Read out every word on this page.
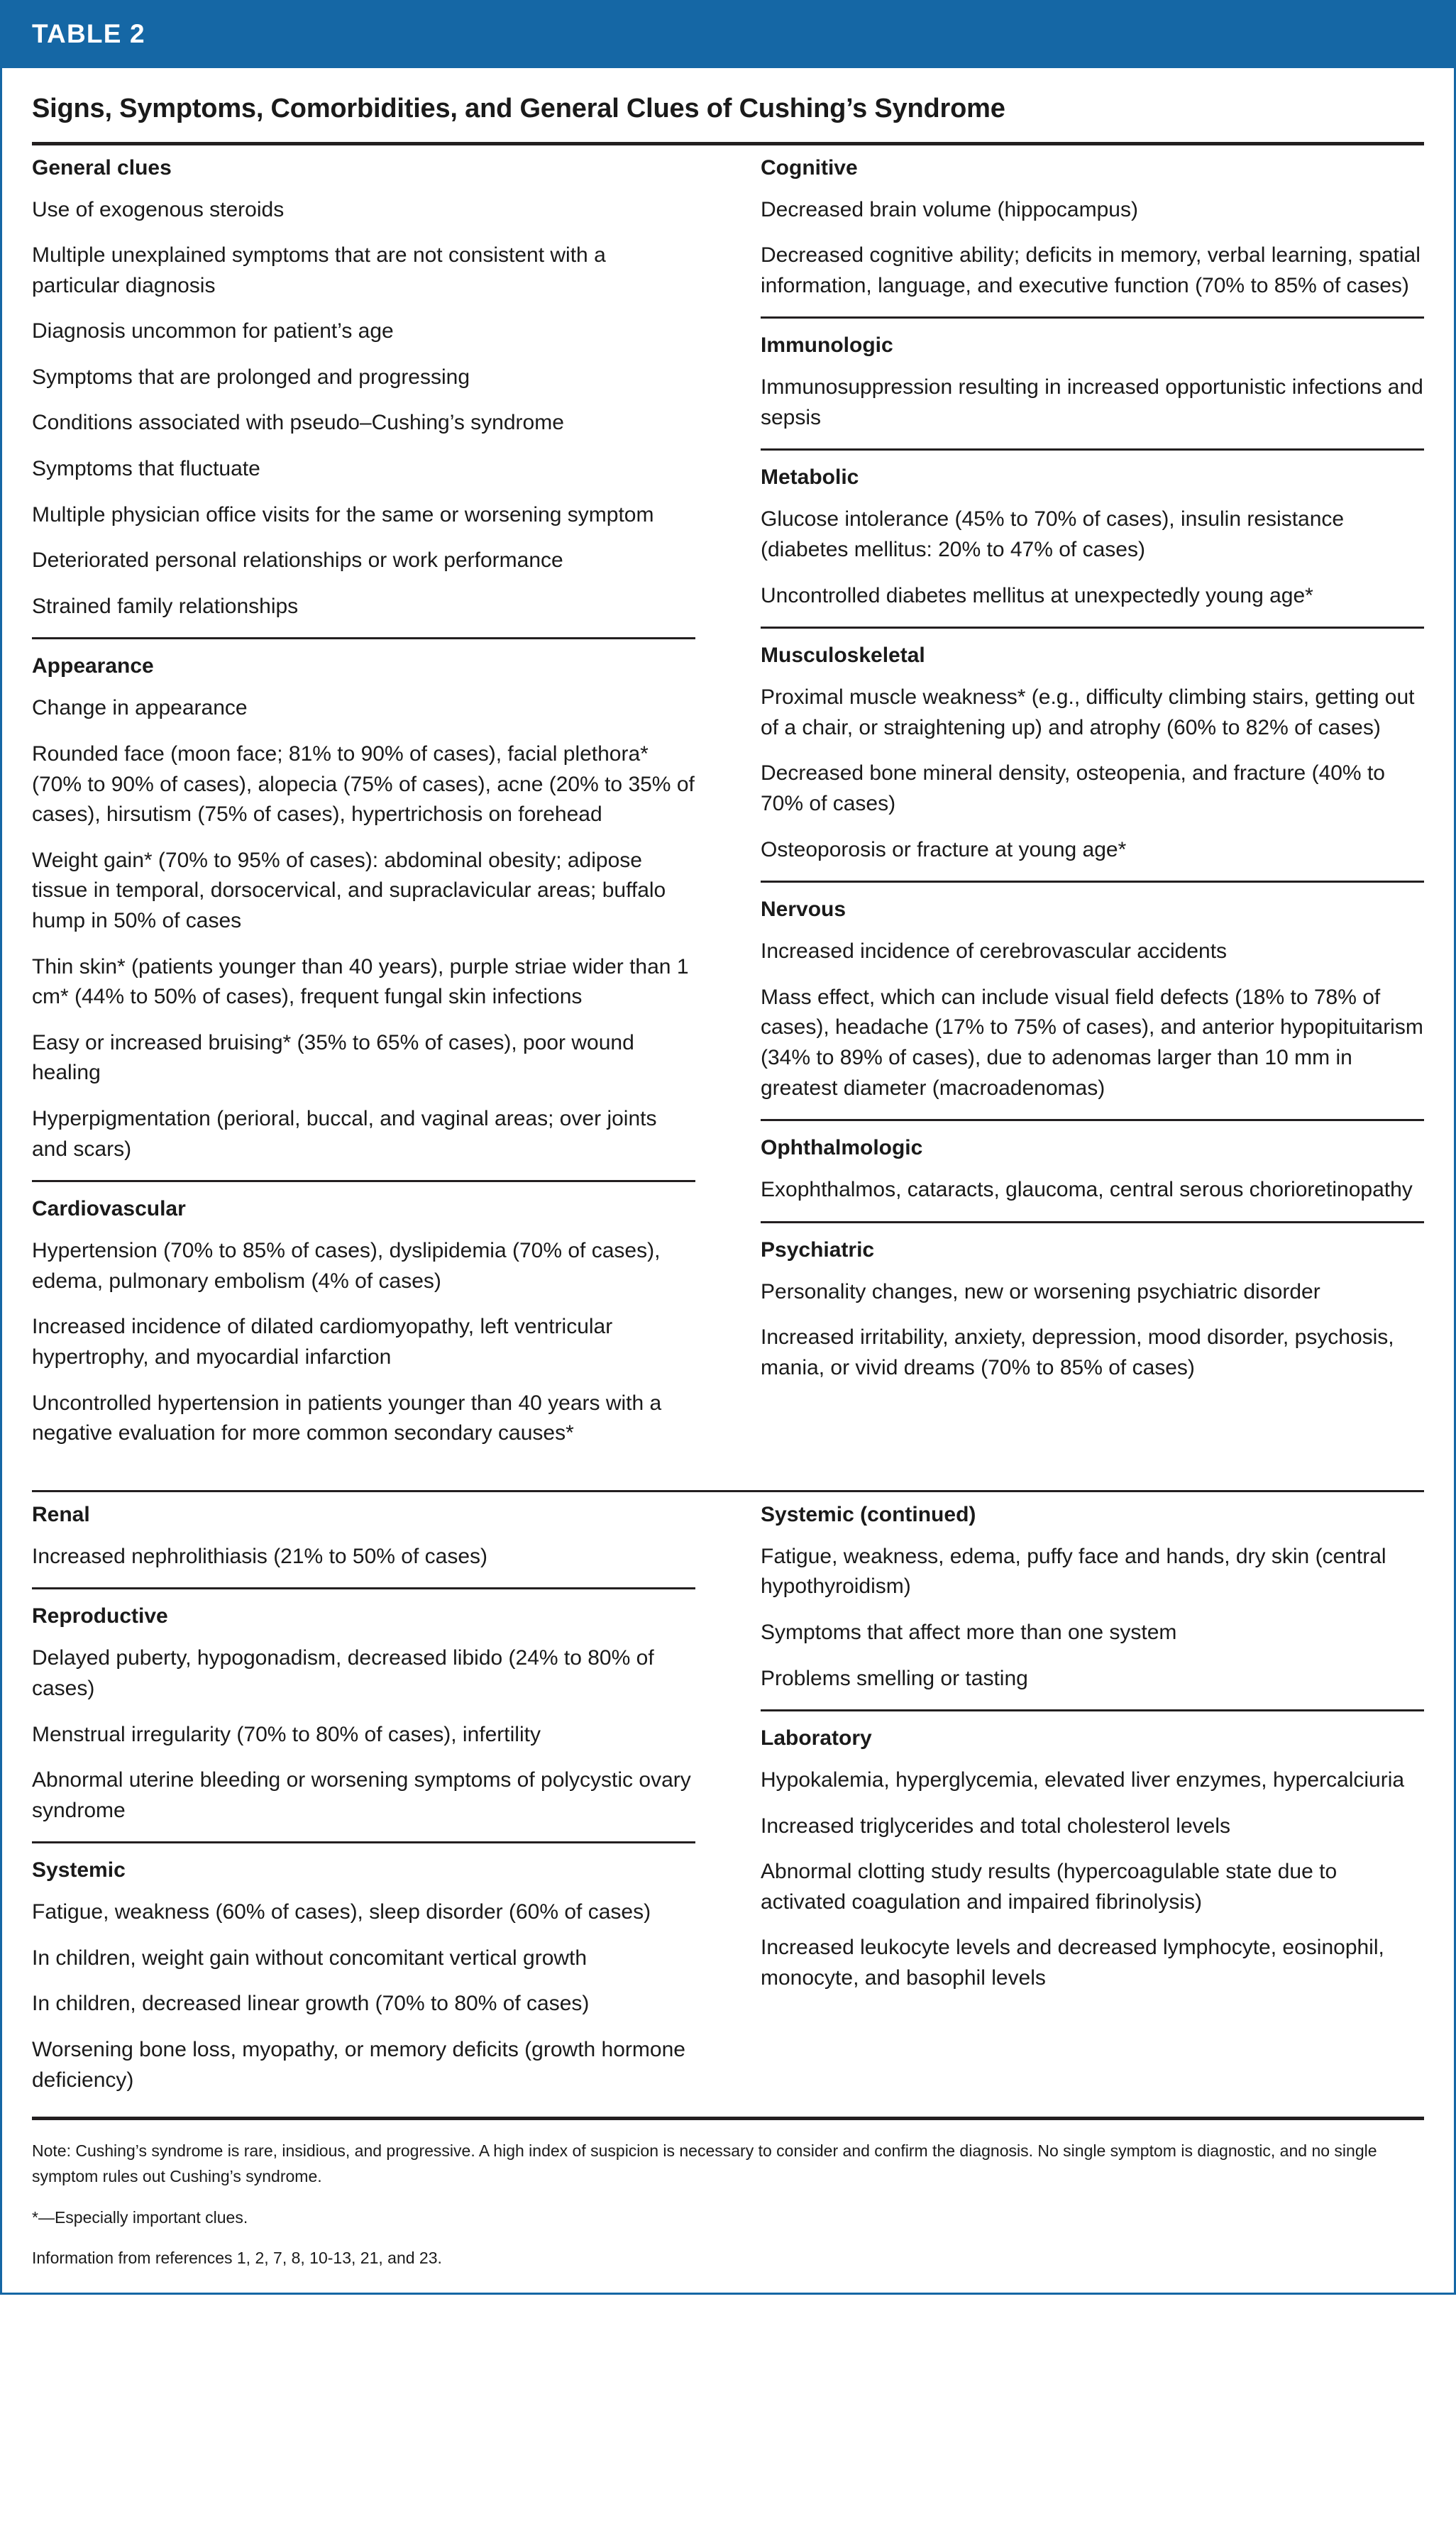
TABLE 2
Signs, Symptoms, Comorbidities, and General Clues of Cushing’s Syndrome
General clues
Use of exogenous steroids
Multiple unexplained symptoms that are not consistent with a particular diagnosis
Diagnosis uncommon for patient’s age
Symptoms that are prolonged and progressing
Conditions associated with pseudo–Cushing’s syndrome
Symptoms that fluctuate
Multiple physician office visits for the same or worsening symptom
Deteriorated personal relationships or work performance
Strained family relationships
Appearance
Change in appearance
Rounded face (moon face; 81% to 90% of cases), facial plethora* (70% to 90% of cases), alopecia (75% of cases), acne (20% to 35% of cases), hirsutism (75% of cases), hypertrichosis on forehead
Weight gain* (70% to 95% of cases): abdominal obesity; adipose tissue in temporal, dorsocervical, and supraclavicular areas; buffalo hump in 50% of cases
Thin skin* (patients younger than 40 years), purple striae wider than 1 cm* (44% to 50% of cases), frequent fungal skin infections
Easy or increased bruising* (35% to 65% of cases), poor wound healing
Hyperpigmentation (perioral, buccal, and vaginal areas; over joints and scars)
Cardiovascular
Hypertension (70% to 85% of cases), dyslipidemia (70% of cases), edema, pulmonary embolism (4% of cases)
Increased incidence of dilated cardiomyopathy, left ventricular hypertrophy, and myocardial infarction
Uncontrolled hypertension in patients younger than 40 years with a negative evaluation for more common secondary causes*
Cognitive
Decreased brain volume (hippocampus)
Decreased cognitive ability; deficits in memory, verbal learning, spatial information, language, and executive function (70% to 85% of cases)
Immunologic
Immunosuppression resulting in increased opportunistic infections and sepsis
Metabolic
Glucose intolerance (45% to 70% of cases), insulin resistance (diabetes mellitus: 20% to 47% of cases)
Uncontrolled diabetes mellitus at unexpectedly young age*
Musculoskeletal
Proximal muscle weakness* (e.g., difficulty climbing stairs, getting out of a chair, or straightening up) and atrophy (60% to 82% of cases)
Decreased bone mineral density, osteopenia, and fracture (40% to 70% of cases)
Osteoporosis or fracture at young age*
Nervous
Increased incidence of cerebrovascular accidents
Mass effect, which can include visual field defects (18% to 78% of cases), headache (17% to 75% of cases), and anterior hypopituitarism (34% to 89% of cases), due to adenomas larger than 10 mm in greatest diameter (macroadenomas)
Ophthalmologic
Exophthalmos, cataracts, glaucoma, central serous chorioretinopathy
Psychiatric
Personality changes, new or worsening psychiatric disorder
Increased irritability, anxiety, depression, mood disorder, psychosis, mania, or vivid dreams (70% to 85% of cases)
Renal
Increased nephrolithiasis (21% to 50% of cases)
Reproductive
Delayed puberty, hypogonadism, decreased libido (24% to 80% of cases)
Menstrual irregularity (70% to 80% of cases), infertility
Abnormal uterine bleeding or worsening symptoms of polycystic ovary syndrome
Systemic
Fatigue, weakness (60% of cases), sleep disorder (60% of cases)
In children, weight gain without concomitant vertical growth
In children, decreased linear growth (70% to 80% of cases)
Worsening bone loss, myopathy, or memory deficits (growth hormone deficiency)
Systemic (continued)
Fatigue, weakness, edema, puffy face and hands, dry skin (central hypothyroidism)
Symptoms that affect more than one system
Problems smelling or tasting
Laboratory
Hypokalemia, hyperglycemia, elevated liver enzymes, hypercalciuria
Increased triglycerides and total cholesterol levels
Abnormal clotting study results (hypercoagulable state due to activated coagulation and impaired fibrinolysis)
Increased leukocyte levels and decreased lymphocyte, eosinophil, monocyte, and basophil levels

Note: Cushing’s syndrome is rare, insidious, and progressive. A high index of suspicion is necessary to consider and confirm the diagnosis. No single symptom is diagnostic, and no single symptom rules out Cushing’s syndrome.

*—Especially important clues.

Information from references 1, 2, 7, 8, 10-13, 21, and 23.
